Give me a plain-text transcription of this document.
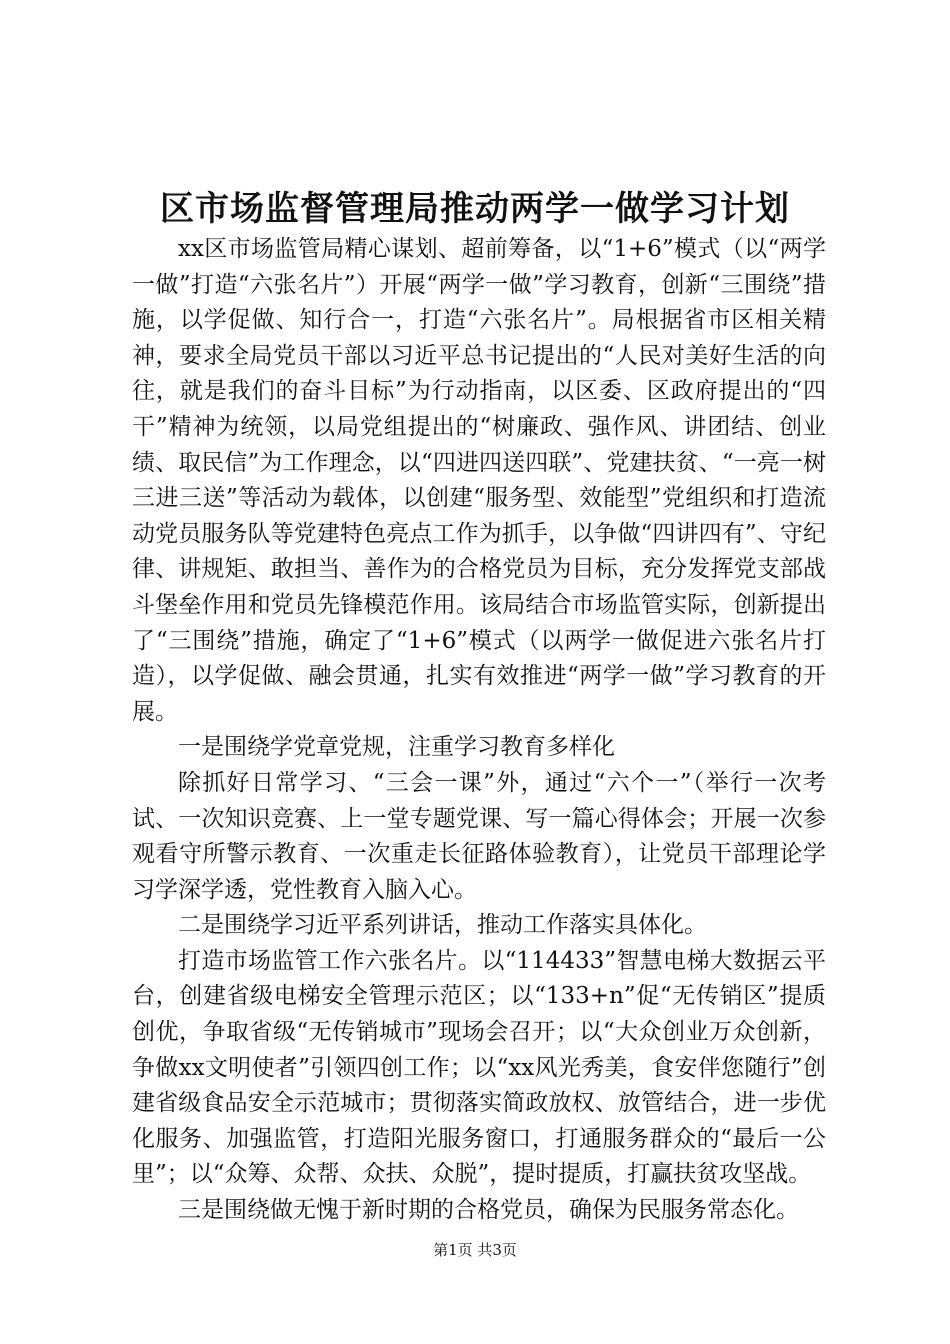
区市场监督管理局推动两学一做学习计划

xx区市场监管局精心谋划、超前筹备，以“1+6”模式（以“两学一做”打造“六张名片”）开展“两学一做”学习教育，创新“三围绕”措施，以学促做、知行合一，打造“六张名片”。局根据省市区相关精神，要求全局党员干部以习近平总书记提出的“人民对美好生活的向往，就是我们的奋斗目标”为行动指南，以区委、区政府提出的“四干”精神为统领，以局党组提出的“树廉政、强作风、讲团结、创业绩、取民信”为工作理念，以“四进四送四联”、党建扶贫、“一亮一树三进三送”等活动为载体，以创建“服务型、效能型”党组织和打造流动党员服务队等党建特色亮点工作为抓手，以争做“四讲四有”、守纪律、讲规矩、敢担当、善作为的合格党员为目标，充分发挥党支部战斗堡垒作用和党员先锋模范作用。该局结合市场监管实际，创新提出了“三围绕”措施，确定了“1+6”模式（以两学一做促进六张名片打造），以学促做、融会贯通，扎实有效推进“两学一做”学习教育的开展。

一是围绕学党章党规，注重学习教育多样化

除抓好日常学习、“三会一课”外，通过“六个一”（举行一次考试、一次知识竞赛、上一堂专题党课、写一篇心得体会；开展一次参观看守所警示教育、一次重走长征路体验教育），让党员干部理论学习学深学透，党性教育入脑入心。

二是围绕学习近平系列讲话，推动工作落实具体化。

打造市场监管工作六张名片。以“114433”智慧电梯大数据云平台，创建省级电梯安全管理示范区；以“133+n”促“无传销区”提质创优，争取省级“无传销城市”现场会召开；以“大众创业万众创新，争做xx文明使者”引领四创工作；以“xx风光秀美，食安伴您随行”创建省级食品安全示范城市；贯彻落实简政放权、放管结合，进一步优化服务、加强监管，打造阳光服务窗口，打通服务群众的“最后一公里”；以“众筹、众帮、众扶、众脱”，提时提质，打赢扶贫攻坚战。

三是围绕做无愧于新时期的合格党员，确保为民服务常态化。

第1页 共3页
